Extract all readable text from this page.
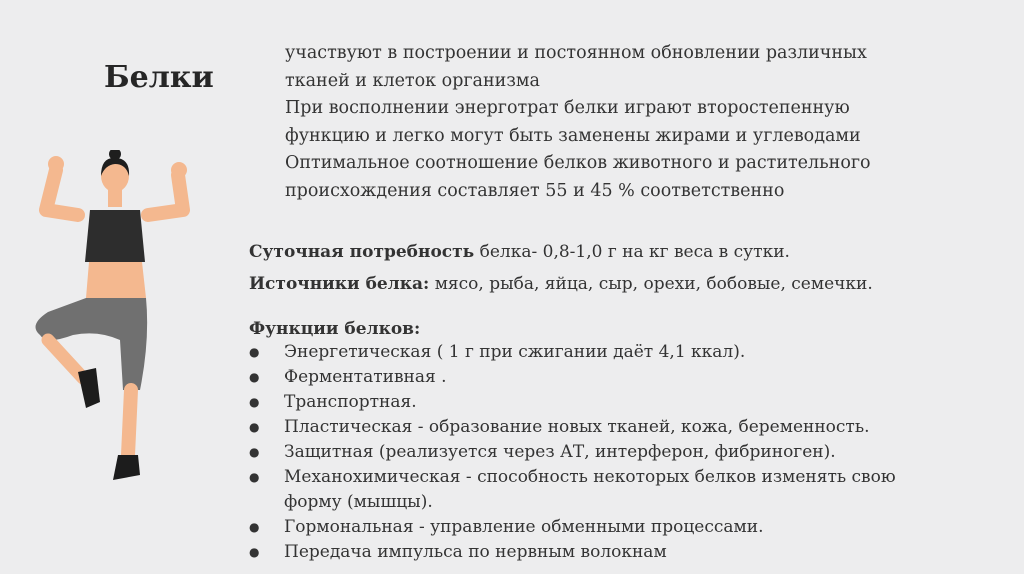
Белки

участвуют в построении и постоянном обновлении различных

тканей и клеток организма

При восполнении энерготрат белки играют второстепенную

функцию и легко могут быть заменены жирами и углеводами

Оптимальное соотношение белков животного и растительного

происхождения составляет 55 и 45 % соответственно

Суточная потребность белка- 0,8-1,0 г на кг веса в сутки.

Источники белка: мясо, рыба, яйца, сыр, орехи, бобовые, семечки.

Функции белков:
● Энергетическая ( 1 г при сжигании даёт 4,1 ккал).
● Ферментативная .
● Транспортная.
● Пластическая - образование новых тканей, кожа, беременность.
● Защитная (реализуется через АТ, интерферон, фибриноген).
● Механохимическая - способность некоторых белков изменять свою
форму (мышцы).
● Гормональная - управление обменными процессами.
● Передача импульса по нервным волокнам
